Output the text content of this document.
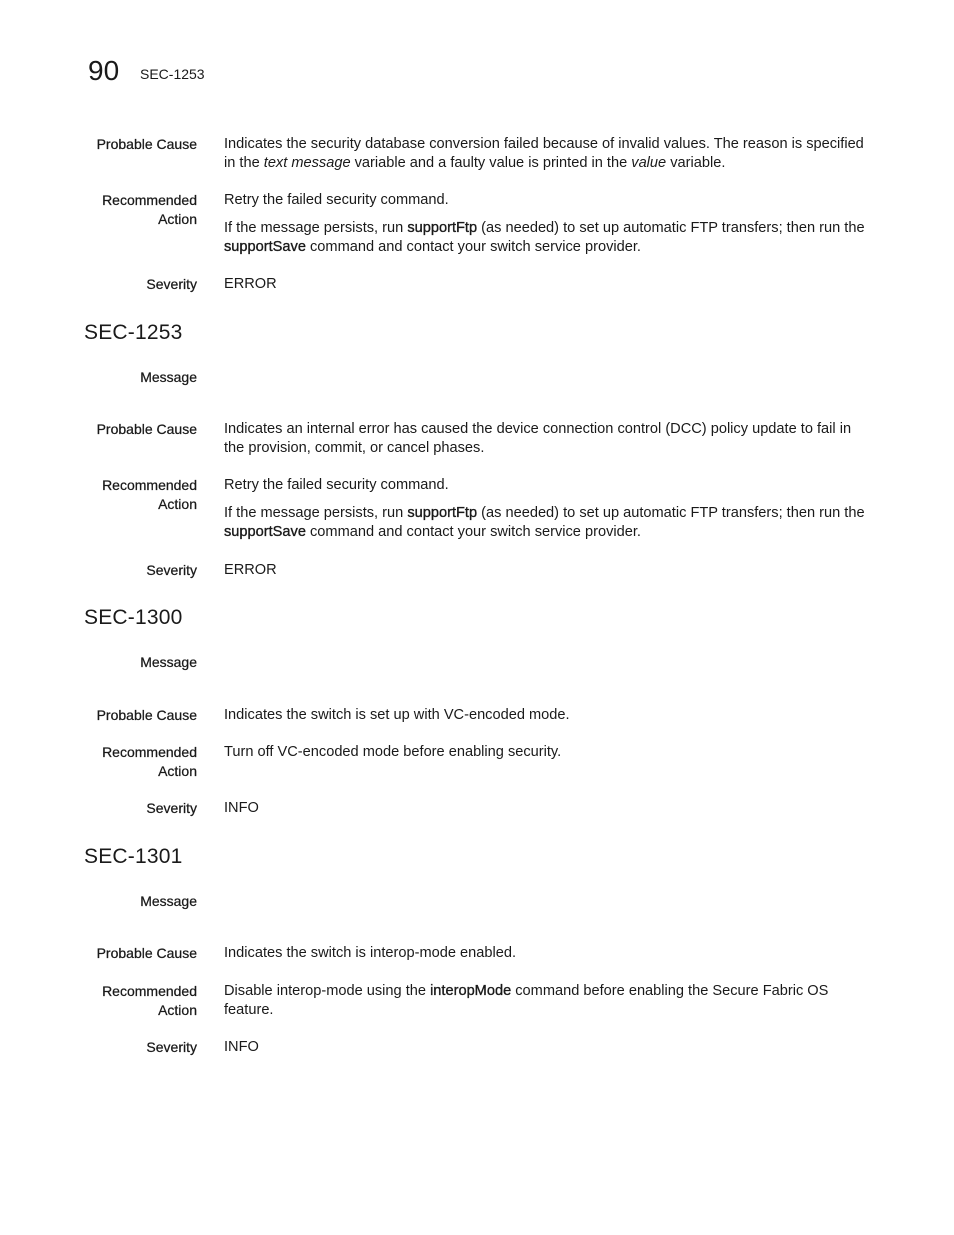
90 SEC-1253
Probable Cause Indicates the security database conversion failed because of invalid values. The reason is specified in the text message variable and a faulty value is printed in the value variable.

Recommended
Action

Retry the failed security command.

If the message persists, run supportFtp (as needed) to set up automatic FTP transfers; then run the supportSave command and contact your switch service provider.

Severity ERROR
SEC-1253
Message
Probable Cause Indicates an internal error has caused the device connection control (DCC) policy update to fail in the provision, commit, or cancel phases.

Recommended
Action

Retry the failed security command.

If the message persists, run supportFtp (as needed) to set up automatic FTP transfers; then run the supportSave command and contact your switch service provider.

Severity ERROR
SEC-1300
Message
Probable Cause Indicates the switch is set up with VC-encoded mode.

Recommended
Action

Turn off VC-encoded mode before enabling security.

Severity INFO
SEC-1301
Message
Probable Cause Indicates the switch is interop-mode enabled.

Recommended
Action

Disable interop-mode using the interopMode command before enabling the Secure Fabric OS feature.

Severity INFO
